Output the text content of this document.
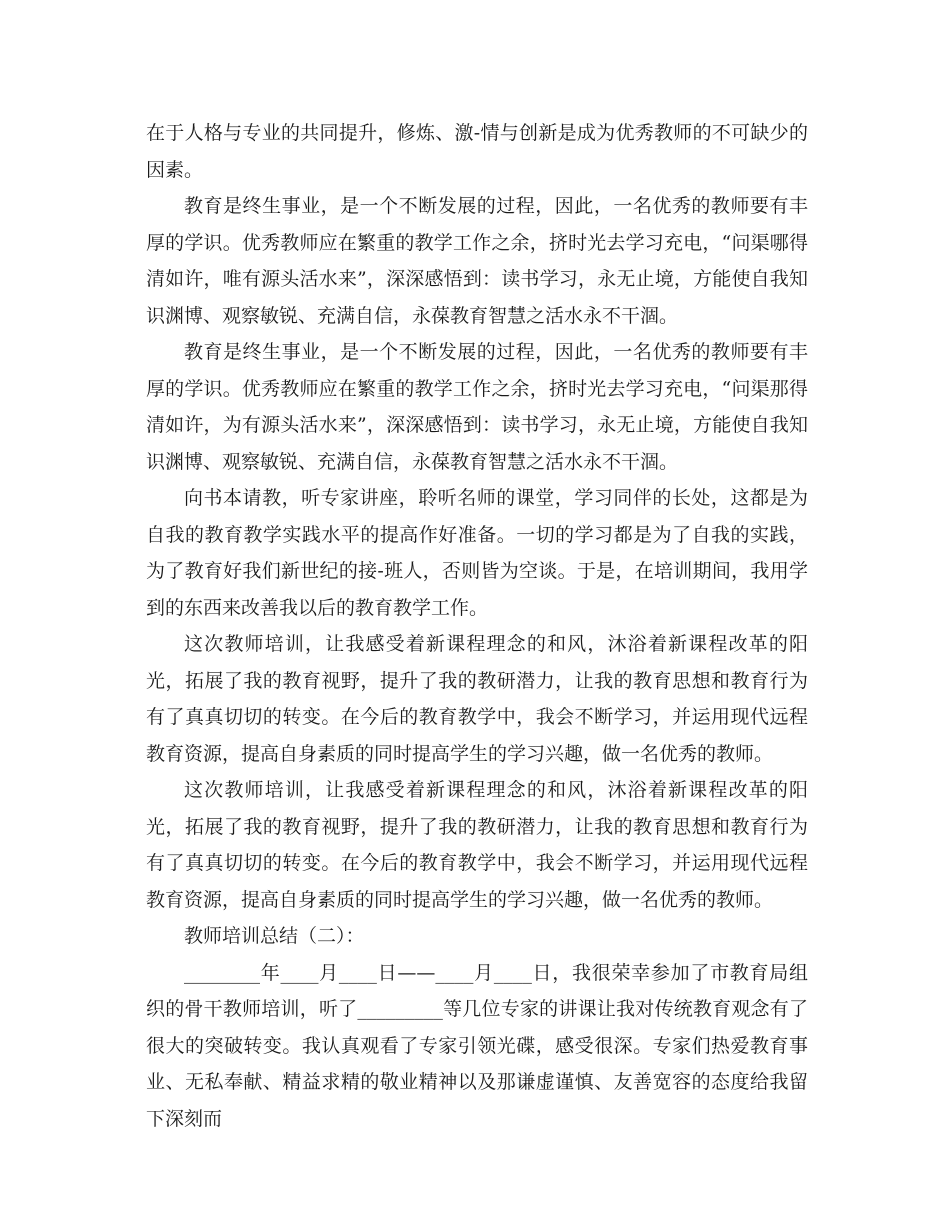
在于人格与专业的共同提升，修炼、激-情与创新是成为优秀教师的不可缺少的因素。

教育是终生事业，是一个不断发展的过程，因此，一名优秀的教师要有丰厚的学识。优秀教师应在繁重的教学工作之余，挤时光去学习充电，“问渠哪得清如许，唯有源头活水来”，深深感悟到：读书学习，永无止境，方能使自我知识渊博、观察敏锐、充满自信，永葆教育智慧之活水永不干涸。

教育是终生事业，是一个不断发展的过程，因此，一名优秀的教师要有丰厚的学识。优秀教师应在繁重的教学工作之余，挤时光去学习充电，“问渠那得清如许，为有源头活水来”，深深感悟到：读书学习，永无止境，方能使自我知识渊博、观察敏锐、充满自信，永葆教育智慧之活水永不干涸。

向书本请教，听专家讲座，聆听名师的课堂，学习同伴的长处，这都是为自我的教育教学实践水平的提高作好准备。一切的学习都是为了自我的实践，为了教育好我们新世纪的接-班人，否则皆为空谈。于是，在培训期间，我用学到的东西来改善我以后的教育教学工作。

这次教师培训，让我感受着新课程理念的和风，沐浴着新课程改革的阳光，拓展了我的教育视野，提升了我的教研潜力，让我的教育思想和教育行为有了真真切切的转变。在今后的教育教学中，我会不断学习，并运用现代远程教育资源，提高自身素质的同时提高学生的学习兴趣，做一名优秀的教师。

这次教师培训，让我感受着新课程理念的和风，沐浴着新课程改革的阳光，拓展了我的教育视野，提升了我的教研潜力，让我的教育思想和教育行为有了真真切切的转变。在今后的教育教学中，我会不断学习，并运用现代远程教育资源，提高自身素质的同时提高学生的学习兴趣，做一名优秀的教师。

教师培训总结（二）：

________年____月____日——____月____日，我很荣幸参加了市教育局组织的骨干教师培训，听了_________等几位专家的讲课让我对传统教育观念有了很大的突破转变。我认真观看了专家引领光碟，感受很深。专家们热爱教育事业、无私奉献、精益求精的敬业精神以及那谦虚谨慎、友善宽容的态度给我留下深刻而
